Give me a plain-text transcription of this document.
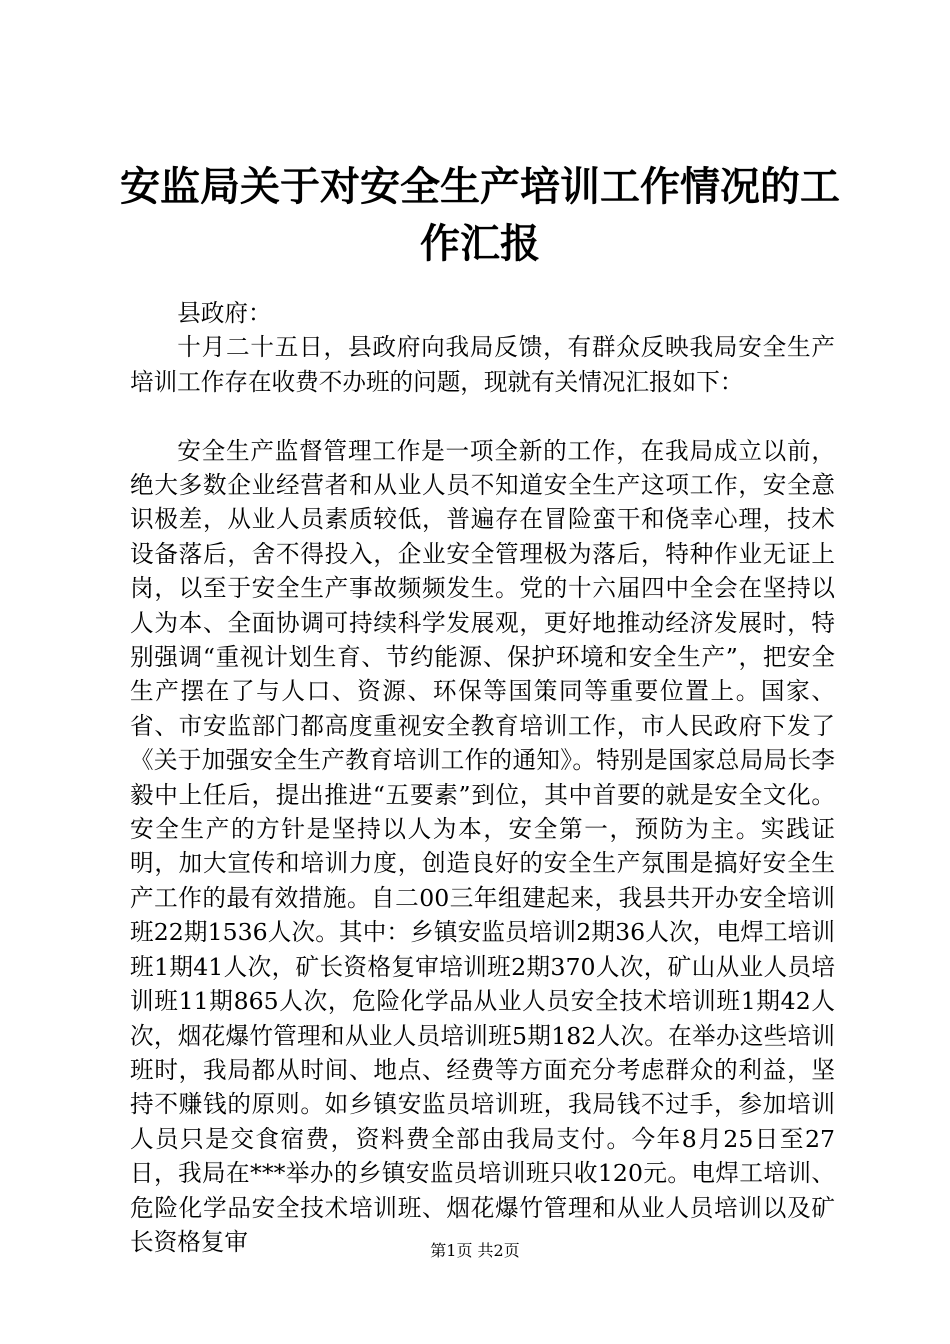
安监局关于对安全生产培训工作情况的工作汇报

县政府：

十月二十五日，县政府向我局反馈，有群众反映我局安全生产培训工作存在收费不办班的问题，现就有关情况汇报如下：

安全生产监督管理工作是一项全新的工作，在我局成立以前，绝大多数企业经营者和从业人员不知道安全生产这项工作，安全意识极差，从业人员素质较低，普遍存在冒险蛮干和侥幸心理，技术设备落后，舍不得投入，企业安全管理极为落后，特种作业无证上岗，以至于安全生产事故频频发生。党的十六届四中全会在坚持以人为本、全面协调可持续科学发展观，更好地推动经济发展时，特别强调“重视计划生育、节约能源、保护环境和安全生产”，把安全生产摆在了与人口、资源、环保等国策同等重要位置上。国家、省、市安监部门都高度重视安全教育培训工作，市人民政府下发了《关于加强安全生产教育培训工作的通知》。特别是国家总局局长李毅中上任后，提出推进“五要素”到位，其中首要的就是安全文化。安全生产的方针是坚持以人为本，安全第一，预防为主。实践证明，加大宣传和培训力度，创造良好的安全生产氛围是搞好安全生产工作的最有效措施。自二00三年组建起来，我县共开办安全培训班22期1536人次。其中：乡镇安监员培训2期36人次，电焊工培训班1期41人次，矿长资格复审培训班2期370人次，矿山从业人员培训班11期865人次，危险化学品从业人员安全技术培训班1期42人次，烟花爆竹管理和从业人员培训班5期182人次。在举办这些培训班时，我局都从时间、地点、经费等方面充分考虑群众的利益，坚持不赚钱的原则。如乡镇安监员培训班，我局钱不过手，参加培训人员只是交食宿费，资料费全部由我局支付。今年8月25日至27日，我局在***举办的乡镇安监员培训班只收120元。电焊工培训、危险化学品安全技术培训班、烟花爆竹管理和从业人员培训以及矿长资格复审	第1页 共2页
